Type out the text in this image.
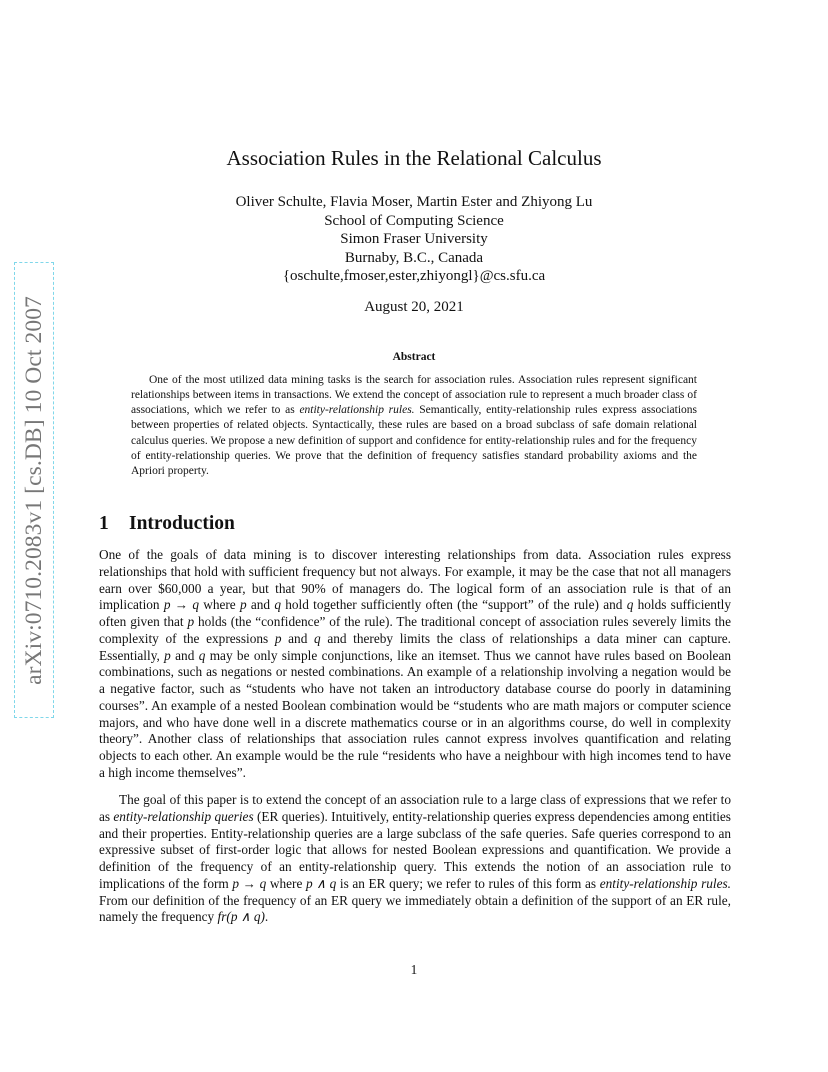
arXiv:0710.2083v1 [cs.DB] 10 Oct 2007
Association Rules in the Relational Calculus
Oliver Schulte, Flavia Moser, Martin Ester and Zhiyong Lu
School of Computing Science
Simon Fraser University
Burnaby, B.C., Canada
{oschulte,fmoser,ester,zhiyongl}@cs.sfu.ca
August 20, 2021
Abstract
One of the most utilized data mining tasks is the search for association rules. Association rules represent significant relationships between items in transactions. We extend the concept of association rule to represent a much broader class of associations, which we refer to as entity-relationship rules. Semantically, entity-relationship rules express associations between properties of related objects. Syntactically, these rules are based on a broad subclass of safe domain relational calculus queries. We propose a new definition of support and confidence for entity-relationship rules and for the frequency of entity-relationship queries. We prove that the definition of frequency satisfies standard probability axioms and the Apriori property.
1 Introduction
One of the goals of data mining is to discover interesting relationships from data. Association rules express relationships that hold with sufficient frequency but not always. For example, it may be the case that not all managers earn over $60,000 a year, but that 90% of managers do. The logical form of an association rule is that of an implication p → q where p and q hold together sufficiently often (the “support” of the rule) and q holds sufficiently often given that p holds (the “confidence” of the rule). The traditional concept of association rules severely limits the complexity of the expressions p and q and thereby limits the class of relationships a data miner can capture. Essentially, p and q may be only simple conjunctions, like an itemset. Thus we cannot have rules based on Boolean combinations, such as negations or nested combinations. An example of a relationship involving a negation would be a negative factor, such as “students who have not taken an introductory database course do poorly in datamining courses”. An example of a nested Boolean combination would be “students who are math majors or computer science majors, and who have done well in a discrete mathematics course or in an algorithms course, do well in complexity theory”. Another class of relationships that association rules cannot express involves quantification and relating objects to each other. An example would be the rule “residents who have a neighbour with high incomes tend to have a high income themselves”.
The goal of this paper is to extend the concept of an association rule to a large class of expressions that we refer to as entity-relationship queries (ER queries). Intuitively, entity-relationship queries express dependencies among entities and their properties. Entity-relationship queries are a large subclass of the safe queries. Safe queries correspond to an expressive subset of first-order logic that allows for nested Boolean expressions and quantification. We provide a definition of the frequency of an entity-relationship query. This extends the notion of an association rule to implications of the form p → q where p ∧ q is an ER query; we refer to rules of this form as entity-relationship rules. From our definition of the frequency of an ER query we immediately obtain a definition of the support of an ER rule, namely the frequency fr(p ∧ q).
1
